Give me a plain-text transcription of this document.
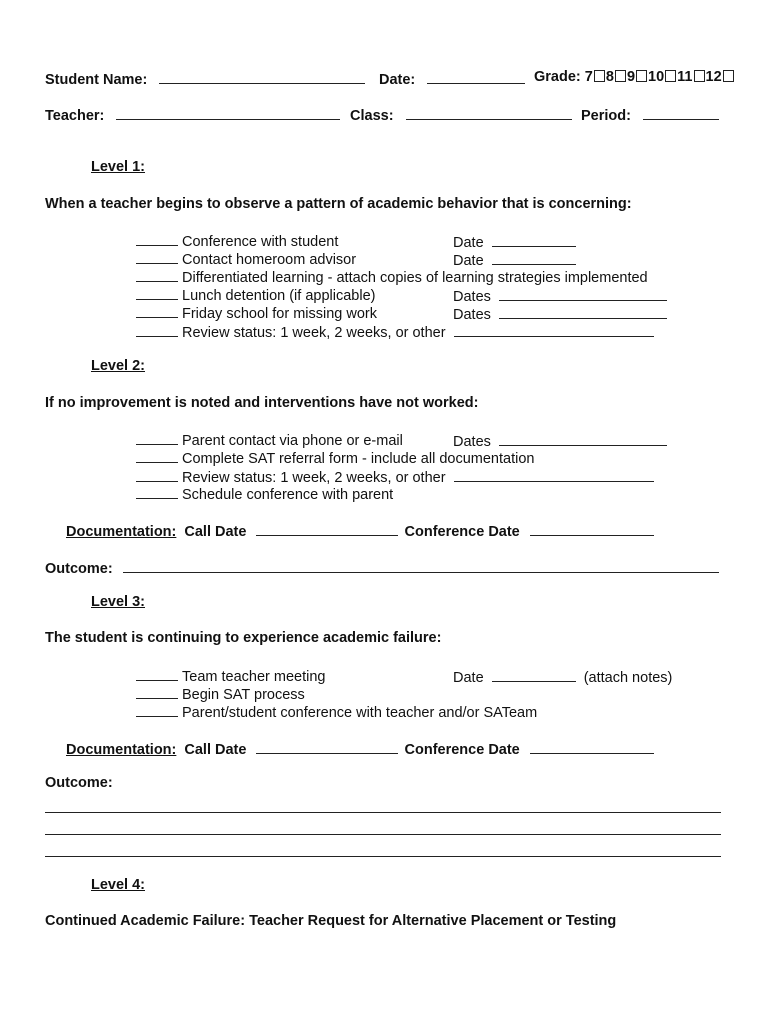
Student Name:	Date:	Grade: 7 8 9 10 11 12
Teacher:	Class:	Period:
Level 1:
When a teacher begins to observe a pattern of academic behavior that is concerning:
Conference with student	Date
Contact homeroom advisor	Date
Differentiated learning - attach copies of learning strategies implemented
Lunch detention (if applicable)	Dates
Friday school for missing work	Dates
Review status: 1 week, 2 weeks, or other
Level 2:
If no improvement is noted and interventions have not worked:
Parent contact via phone or e-mail	Dates
Complete SAT referral form - include all documentation
Review status: 1 week, 2 weeks, or other
Schedule conference with parent
Documentation: Call Date	Conference Date
Outcome:
Level 3:
The student is continuing to experience academic failure:
Team teacher meeting	Date	(attach notes)
Begin SAT process
Parent/student conference with teacher and/or SATeam
Documentation: Call Date	Conference Date
Outcome:
Level 4:
Continued Academic Failure: Teacher Request for Alternative Placement or Testing
